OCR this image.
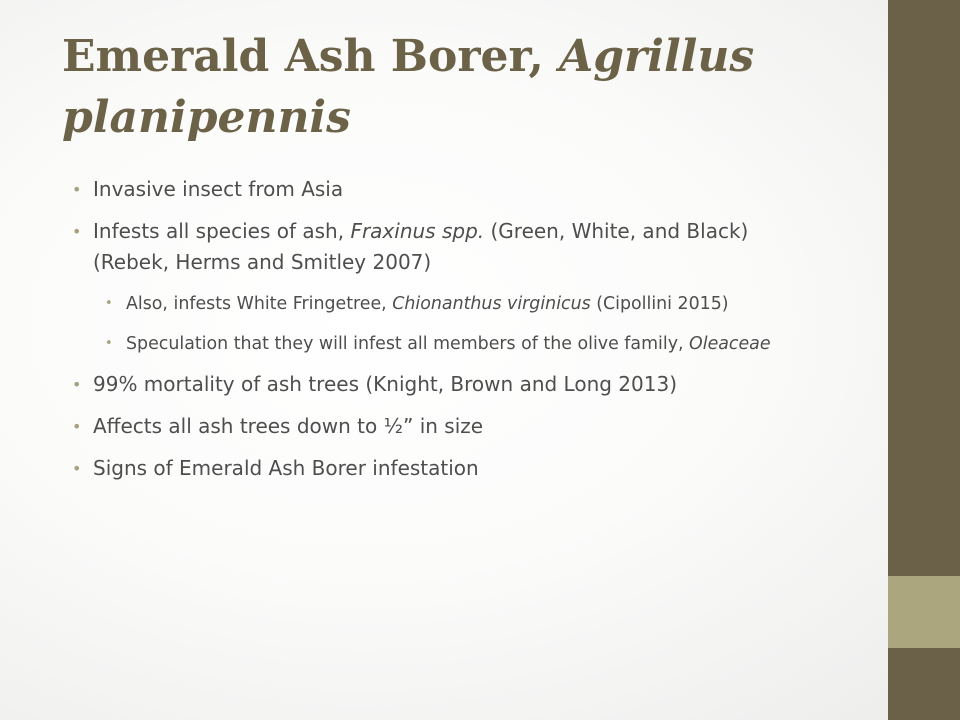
Emerald Ash Borer, Agrillus planipennis
• Invasive insect from Asia
• Infests all species of ash, Fraxinus spp. (Green, White, and Black) (Rebek, Herms and Smitley 2007)
• Also, infests White Fringetree, Chionanthus virginicus (Cipollini 2015)
• Speculation that they will infest all members of the olive family, Oleaceae
• 99% mortality of ash trees (Knight, Brown and Long 2013)
• Affects all ash trees down to ½” in size
• Signs of Emerald Ash Borer infestation
